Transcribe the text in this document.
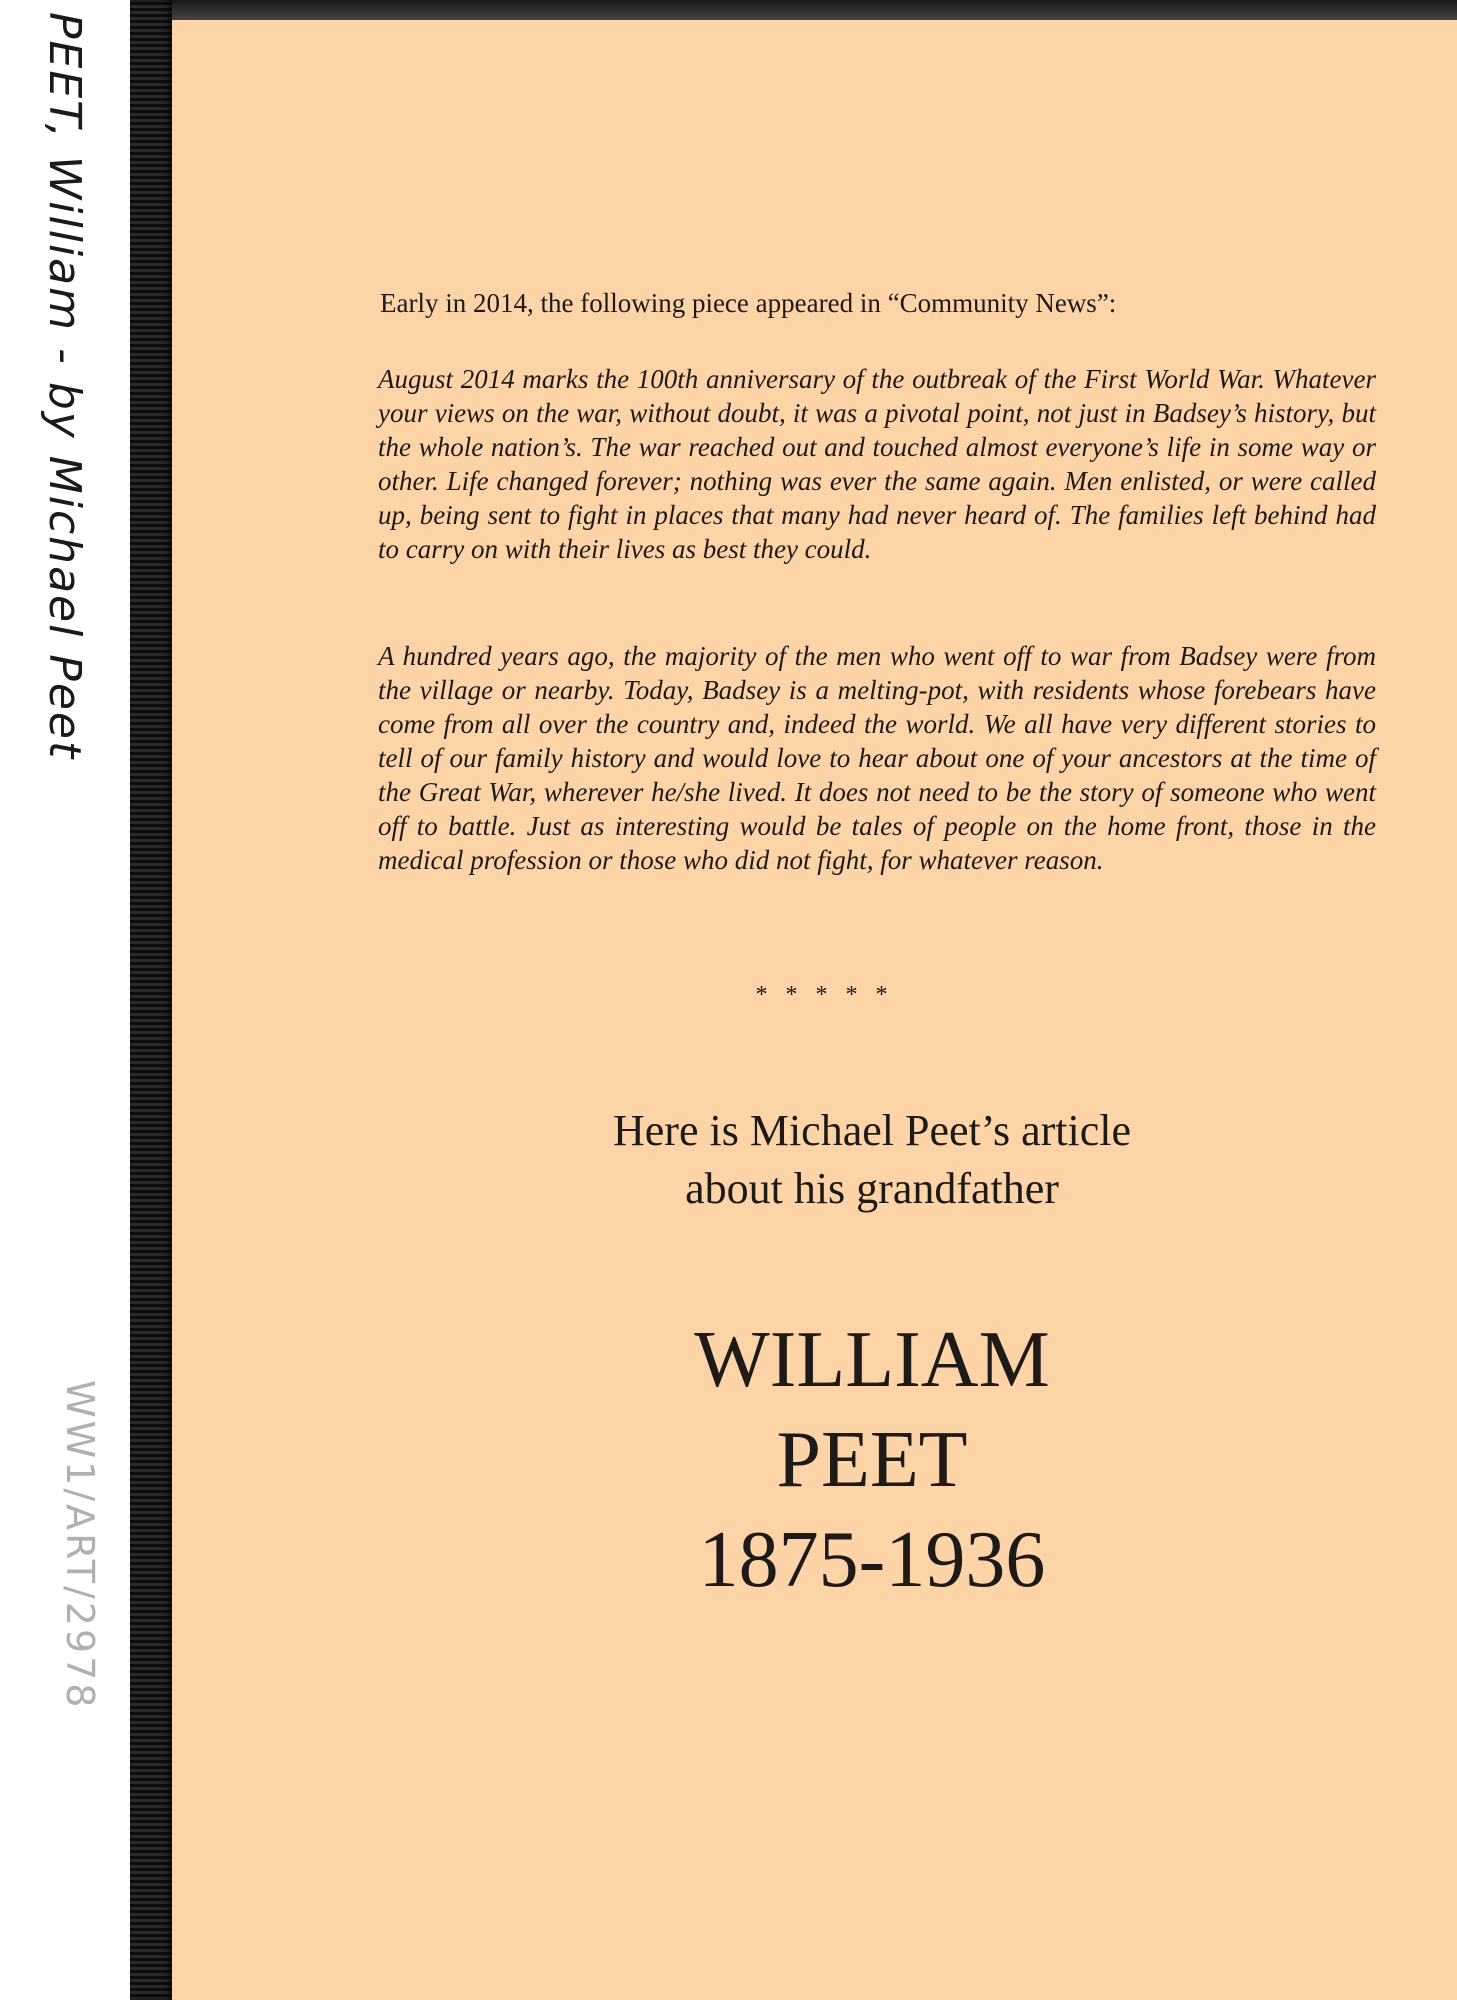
PEET, William - by Michael Peet
WW1/ART/2978
Early in 2014, the following piece appeared in “Community News”:

August 2014 marks the 100th anniversary of the outbreak of the First World War. Whatever your views on the war, without doubt, it was a pivotal point, not just in Badsey’s history, but the whole nation’s. The war reached out and touched almost everyone’s life in some way or other. Life changed forever; nothing was ever the same again. Men enlisted, or were called up, being sent to fight in places that many had never heard of. The families left behind had to carry on with their lives as best they could.

A hundred years ago, the majority of the men who went off to war from Badsey were from the village or nearby. Today, Badsey is a melting-pot, with residents whose forebears have come from all over the country and, indeed the world. We all have very different stories to tell of our family history and would love to hear about one of your ancestors at the time of the Great War, wherever he/she lived. It does not need to be the story of someone who went off to battle. Just as interesting would be tales of people on the home front, those in the medical profession or those who did not fight, for whatever reason.

* * * * *
Here is Michael Peet’s article
about his grandfather
WILLIAM
PEET
1875-1936
